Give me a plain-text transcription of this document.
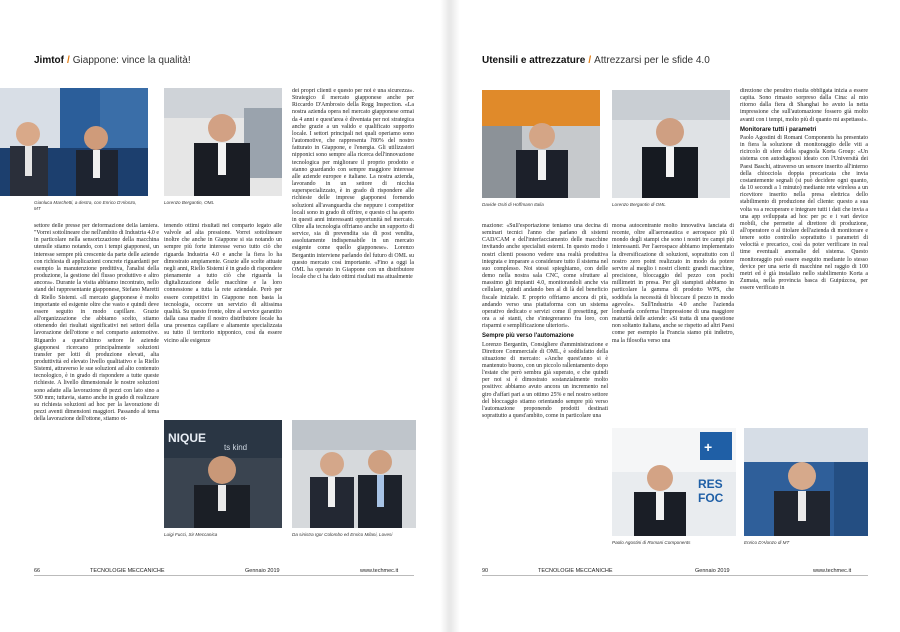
Jimtof / Giappone: vince la qualità!
Gianluca Marchetti, a destra, con Enrico D'Alonzo, MT
Lorenzo Bergantin, OML

settore delle presse per deformazione della lamiera. "Vorrei sottolineare che nell'ambito di Industria 4.0 e in particolare nella sensorizzazione della macchina utensile stiamo notando, con i tempi giapponesi, un interesse sempre più crescente da parte delle aziende con richiesta di applicazioni concrete riguardanti per esempio la manutenzione predittiva, l'analisi della produzione, la gestione del flusso produttivo e altro ancora». Durante la visita abbiamo incontrato, nello stand del rappresentante giapponese, Stefano Maretti di Riello Sistemi. «Il mercato giapponese è molto importante ed esigente oltre che vasto e quindi deve essere seguito in modo capillare. Grazie all'organizzazione che abbiamo scelto, stiamo ottenendo dei risultati significativi nei settori della lavorazione dell'ottone e nel comparto automotive. Riguardo a quest'ultimo settore le aziende giapponesi ricercano principalmente soluzioni transfer per lotti di produzione elevati, alta produttività ed elevato livello qualitativo e la Riello Sistemi, attraverso le sue soluzioni ad alto contenuto tecnologico, è in grado di rispondere a tutte queste richieste. A livello dimensionale le nostre soluzioni sono adatte alla lavorazione di pezzi con lato sino a 500 mm; tuttavia, siamo anche in grado di realizzare su richiesta soluzioni ad hoc per la lavorazione di pezzi aventi dimensioni maggiori. Passando al tema della lavorazione dell'ottone, stiamo ot-

tenendo ottimi risultati nel comparto legato alle valvole ad alta pressione. Vorrei sottolineare inoltre che anche in Giappone si sta notando un sempre più forte interesse verso tutto ciò che riguarda Industria 4.0 e anche la fiera lo ha dimostrato ampiamente. Grazie alle scelte attuate negli anni, Riello Sistemi è in grado di rispondere pienamente a tutto ciò che riguarda la digitalizzazione delle macchine e la loro connessione a tutta la rete aziendale. Però per essere competitivi in Giappone non basta la tecnologia, occorre un servizio di altissima qualità. Su questo fronte, oltre al service garantito dalla casa madre il nostro distributore locale ha una presenza capillare e altamente specializzata su tutto il territorio nipponico, così da essere vicino alle esigenze

dei propri clienti e questo per noi è una sicurezza». Strategico il mercato giapponese anche per Riccardo D'Ambrosio della Regg Inspection. «La nostra azienda opera nel mercato giapponese ormai da 4 anni e quest'area è diventata per noi strategica anche grazie a un valido e qualificato supporto locale. I settori principali nei quali operiamo sono l'automotive, che rappresenta l'80% del nostro fatturato in Giappone, e l'energia. Gli utilizzatori nipponici sono sempre alla ricerca dell'innovazione tecnologica per migliorare il proprio prodotto e stanno guardando con sempre maggiore interesse alle aziende europee e italiane. La nostra azienda, lavorando in un settore di nicchia superspecializzato, è in grado di rispondere alle richieste delle imprese giapponesi fornendo soluzioni all'avanguardia che neppure i competitor locali sono in grado di offrire, e questo ci ha aperto in questi anni interessanti opportunità nel mercato. Oltre alla tecnologia offriamo anche un supporto di service, sia di prevendita sia di post vendita, assolutamente indispensabile in un mercato esigente come quello giapponese». Lorenzo Bergantin interviene parlando del futuro di OML su questo mercato così importante. «Fino a oggi la OML ha operato in Giappone con un distributore locale che ci ha dato ottimi risultati ma attualmente

NIQUE
ts kind
Luigi Fucci, Sir Meccanica	Da sinistra Igor Colombo ed Enrico Milani, Lovesi
66	TECNOLOGIE MECCANICHE	Gennaio 2019	www.techmec.it
Utensili e attrezzature / Attrezzarsi per le sfide 4.0
Davide Ositi di Hoffmann Italia	Lorenzo Bergantin di OML

mazione: «Sull'esportazione teniamo una decina di seminari tecnici l'anno che parlano di sistemi CAD/CAM e dell'interfacciamento delle macchine invitando anche specialisti esterni. In questo modo i nostri clienti possono vedere una realtà produttiva integrata e imparare a considerare tutto il sistema nel suo complesso. Noi stessi spieghiamo, con delle demo nella nostra sala CNC, come sfruttare al massimo gli impianti 4.0, monitorandoli anche via cellulare, quindi andando ben al di là del beneficio fiscale iniziale. E proprio offriamo ancora di più, andando verso una piattaforma con un sistema operativo dedicato e servizi come il presetting, per ora a sé stanti, che s'integreranno fra loro, con risparmi e semplificazione ulteriori».

Sempre più verso l'automazione

Lorenzo Bergantin, Consigliere d'amministrazione e Direttore Commerciale di OML, è soddisfatto della situazione di mercato: «Anche quest'anno si è mantenuto buono, con un piccolo rallentamento dopo l'estate che però sembra già superato, e che quindi per noi si è dimostrato sostanzialmente molto positivo: abbiamo avuto ancora un incremento nel giro d'affari pari a un ottimo 25% e nel nostro settore del bloccaggio stiamo orientando sempre più verso l'automazione proponendo prodotti destinati soprattutto a quest'ambito, come in particolare una

morsa autocentrante molto innovativa lanciata di recente, oltre all'aeronautica e aerospace più il mondo degli stampi che sono i nostri tre campi più interessanti. Per l'aerospace abbiamo implementato la diversificazione di soluzioni, soprattutto con il nostro zero point realizzato in modo da potere servire al meglio i nostri clienti: grandi macchine, precisione, bloccaggio del pezzo con pochi millimetri in presa. Per gli stampisti abbiamo in particolare la gamma di prodotto WPS, che soddisfa la necessità di bloccare il pezzo in modo agevole». Sull'Industria 4.0 anche l'azienda lombarda conferma l'impressione di una maggiore maturità delle aziende: «Si tratta di una questione non soltanto italiana, anche se rispetto ad altri Paesi come per esempio la Francia siamo più indietro, ma la filosofia verso una

direzione che peraltro risulta obbligata inizia a essere capita. Sono rimasto sorpreso dalla Cina: al mio ritorno dalla fiera di Shanghai ho avuto la netta impressione che sull'automazione fossero già molto avanti con i tempi, molto più di quanto mi aspettassi».

Monitorare tutti i parametri

Paolo Agostini di Romani Components ha presentato in fiera la soluzione di monitoraggio delle viti a ricircolo di sfere della spagnola Korta Group: «Un sistema con autodiagnosi ideato con l'Università dei Paesi Baschi, attraverso un sensore inserito all'interno della chiocciola doppia precaricata che invia costantemente segnali (si può decidere ogni quanto, da 10 secondi a 1 minuto) mediante rete wireless a un ricevitore inserito nella presa elettrica dello stabilimento di produzione del cliente: questo a sua volta va a recuperare e integrare tutti i dati che invia a una app sviluppata ad hoc per pc e i vari device mobili, che permette al direttore di produzione, all'operatore o al titolare dell'azienda di monitorare e tenere sotto controllo soprattutto i parametri di velocità e precarico, così da poter verificare in real time eventuali anomalie del sistema. Questo monitoraggio può essere eseguito mediante lo stesso device per una serie di macchine nel raggio di 100 metri ed è già installato nello stabilimento Korta a Zumaia, nella provincia basca di Guipúzcoa, per essere verificato in

+
RES
FOC
Paolo Agostini di Romani Components	Enrico D'Alonzo di MT
90	TECNOLOGIE MECCANICHE	Gennaio 2019	www.techmec.it
